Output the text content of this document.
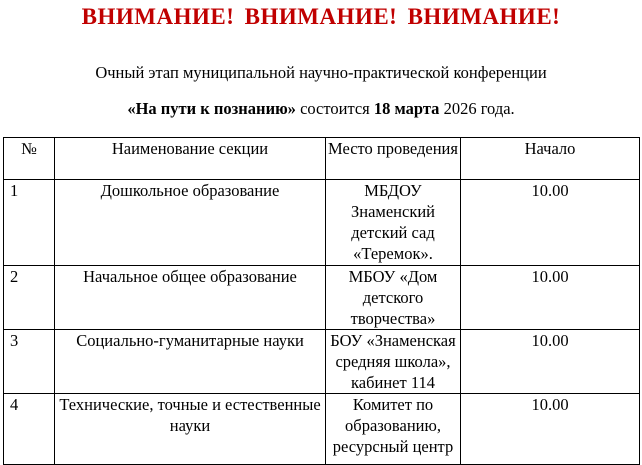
ВНИМАНИЕ! ВНИМАНИЕ! ВНИМАНИЕ!
Очный этап муниципальной научно-практической конференции
«На пути к познанию» состоится 18 марта 2026 года.
№	Наименование секции	Место проведения	Начало
1	Дошкольное образование	МБДОУ Знаменский детский сад «Теремок».	10.00
2	Начальное общее образование	МБОУ «Дом детского творчества»	10.00
3	Социально-гуманитарные науки	БОУ «Знаменская средняя школа», кабинет 114	10.00
4	Технические, точные и естественные науки	Комитет по образованию, ресурсный центр	10.00
